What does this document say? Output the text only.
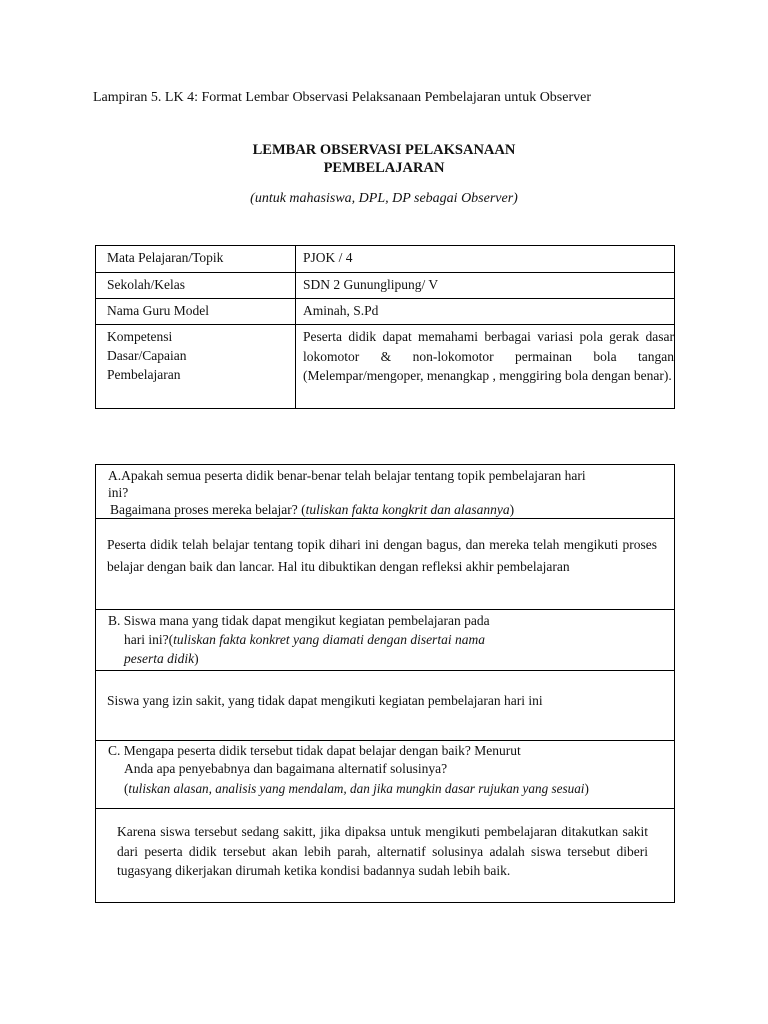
Lampiran 5. LK 4: Format Lembar Observasi Pelaksanaan Pembelajaran untuk Observer
LEMBAR OBSERVASI PELAKSANAAN
PEMBELAJARAN
(untuk mahasiswa, DPL, DP sebagai Observer)
Mata Pelajaran/Topik	PJOK / 4
Sekolah/Kelas	SDN 2 Gununglipung/ V
Nama Guru Model	Aminah, S.Pd

Kompetensi
Dasar/Capaian
Pembelajaran	Peserta didik dapat memahami berbagai variasi pola gerak dasar lokomotor & non-lokomotor permainan bola tangan (Melempar/mengoper, menangkap , menggiring bola dengan benar).
A.Apakah semua peserta didik benar-benar telah belajar tentang topik pembelajaran hari
ini?
Bagaimana proses mereka belajar? (tuliskan fakta kongkrit dan alasannya)
Peserta didik telah belajar tentang topik dihari ini dengan bagus, dan mereka telah mengikuti proses belajar dengan baik dan lancar. Hal itu dibuktikan dengan refleksi akhir pembelajaran
B. Siswa mana yang tidak dapat mengikut kegiatan pembelajaran pada
hari ini?(tuliskan fakta konkret yang diamati dengan disertai nama
peserta didik)
Siswa yang izin sakit, yang tidak dapat mengikuti kegiatan pembelajaran hari ini
C. Mengapa peserta didik tersebut tidak dapat belajar dengan baik? Menurut
Anda apa penyebabnya dan bagaimana alternatif solusinya?
(tuliskan alasan, analisis yang mendalam, dan jika mungkin dasar rujukan yang sesuai)
Karena siswa tersebut sedang sakitt, jika dipaksa untuk mengikuti pembelajaran ditakutkan sakit dari peserta didik tersebut akan lebih parah, alternatif solusinya adalah siswa tersebut diberi tugasyang dikerjakan dirumah ketika kondisi badannya sudah lebih baik.
